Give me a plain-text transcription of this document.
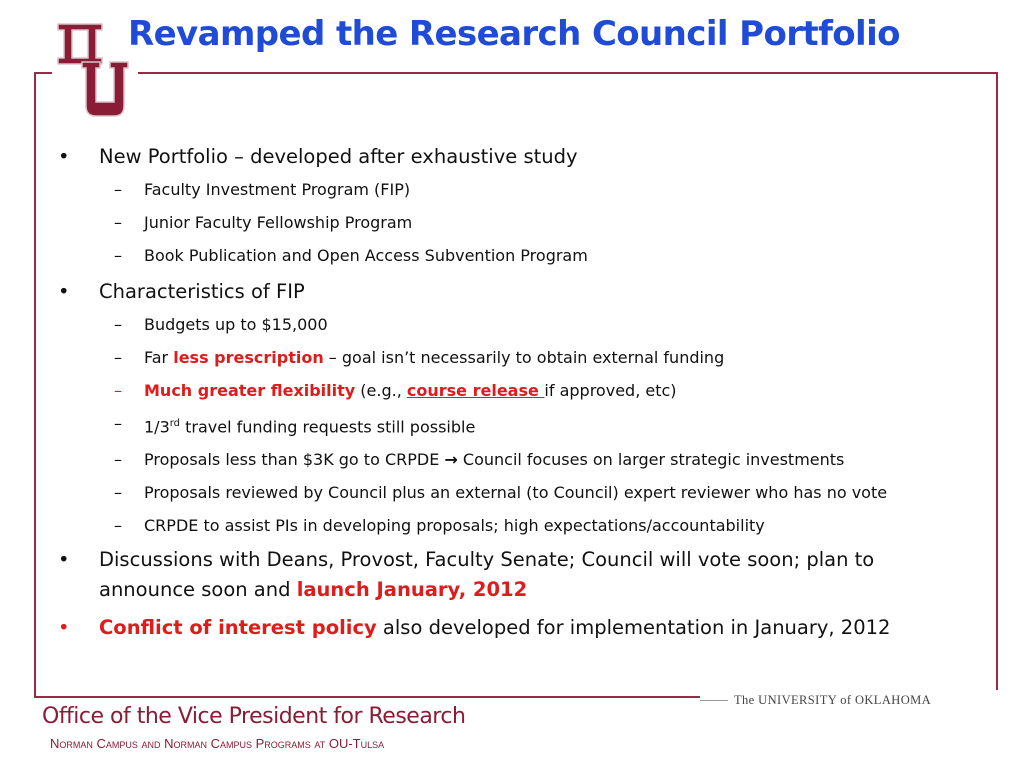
Revamped the Research Council Portfolio
•	New Portfolio – developed after exhaustive study
– Faculty Investment Program (FIP)
– Junior Faculty Fellowship Program
– Book Publication and Open Access Subvention Program
•	Characteristics of FIP
– Budgets up to $15,000
– Far less prescription – goal isn’t necessarily to obtain external funding
– Much greater flexibility (e.g., course release if approved, etc)
– 1/3rd travel funding requests still possible
– Proposals less than $3K go to CRPDE → Council focuses on larger strategic investments
– Proposals reviewed by Council plus an external (to Council) expert reviewer who has no vote
– CRPDE to assist PIs in developing proposals; high expectations/accountability
•	Discussions with Deans, Provost, Faculty Senate; Council will vote soon; plan to announce soon and launch January, 2012
•	Conflict of interest policy also developed for implementation in January, 2012
The UNIVERSITY of OKLAHOMA
Office of the Vice President for Research
Norman Campus and Norman Campus Programs at OU-Tulsa
